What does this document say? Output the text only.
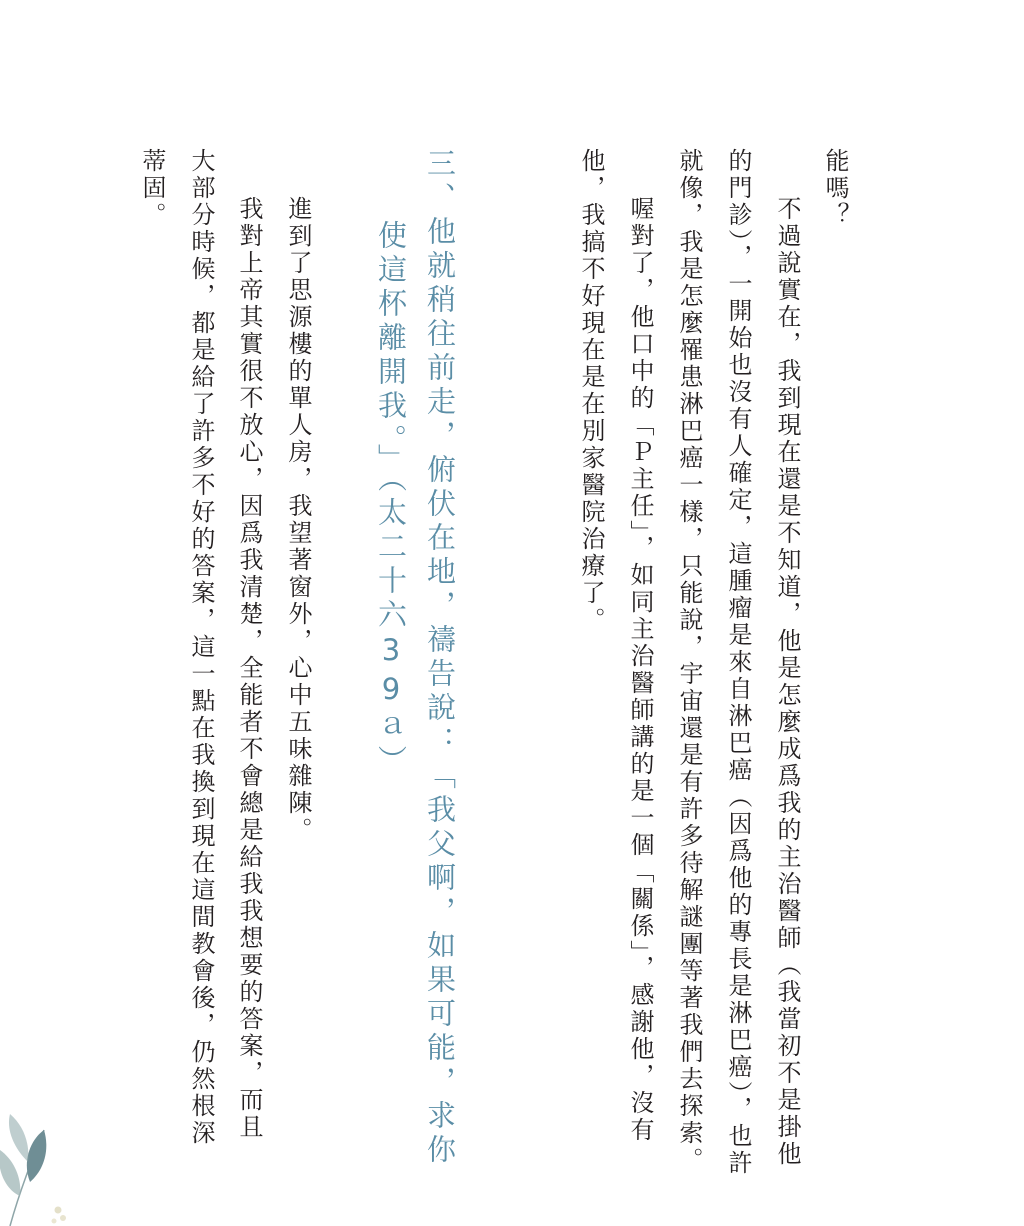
能嗎？
不過說實在，我到現在還是不知道，他是怎麼成爲我的主治醫師（我當初不是掛他
的門診），一開始也沒有人確定，這腫瘤是來自淋巴癌（因爲他的專長是淋巴癌），也許
就像，我是怎麼罹患淋巴癌一樣，只能說，宇宙還是有許多待解謎團等著我們去探索。
喔對了，他口中的「Ｐ主任」，如同主治醫師講的是一個「關係」，感謝他，沒有
他，我搞不好現在是在別家醫院治療了。
三、他就稍往前走，俯伏在地，禱告說：「我父啊，如果可能，求你
使這杯離開我。」（太二十六39ａ）
進到了思源樓的單人房，我望著窗外，心中五味雜陳。
我對上帝其實很不放心，因爲我清楚，全能者不會總是給我我想要的答案，而且
大部分時候，都是給了許多不好的答案，這一點在我換到現在這間教會後，仍然根深
蒂固。
